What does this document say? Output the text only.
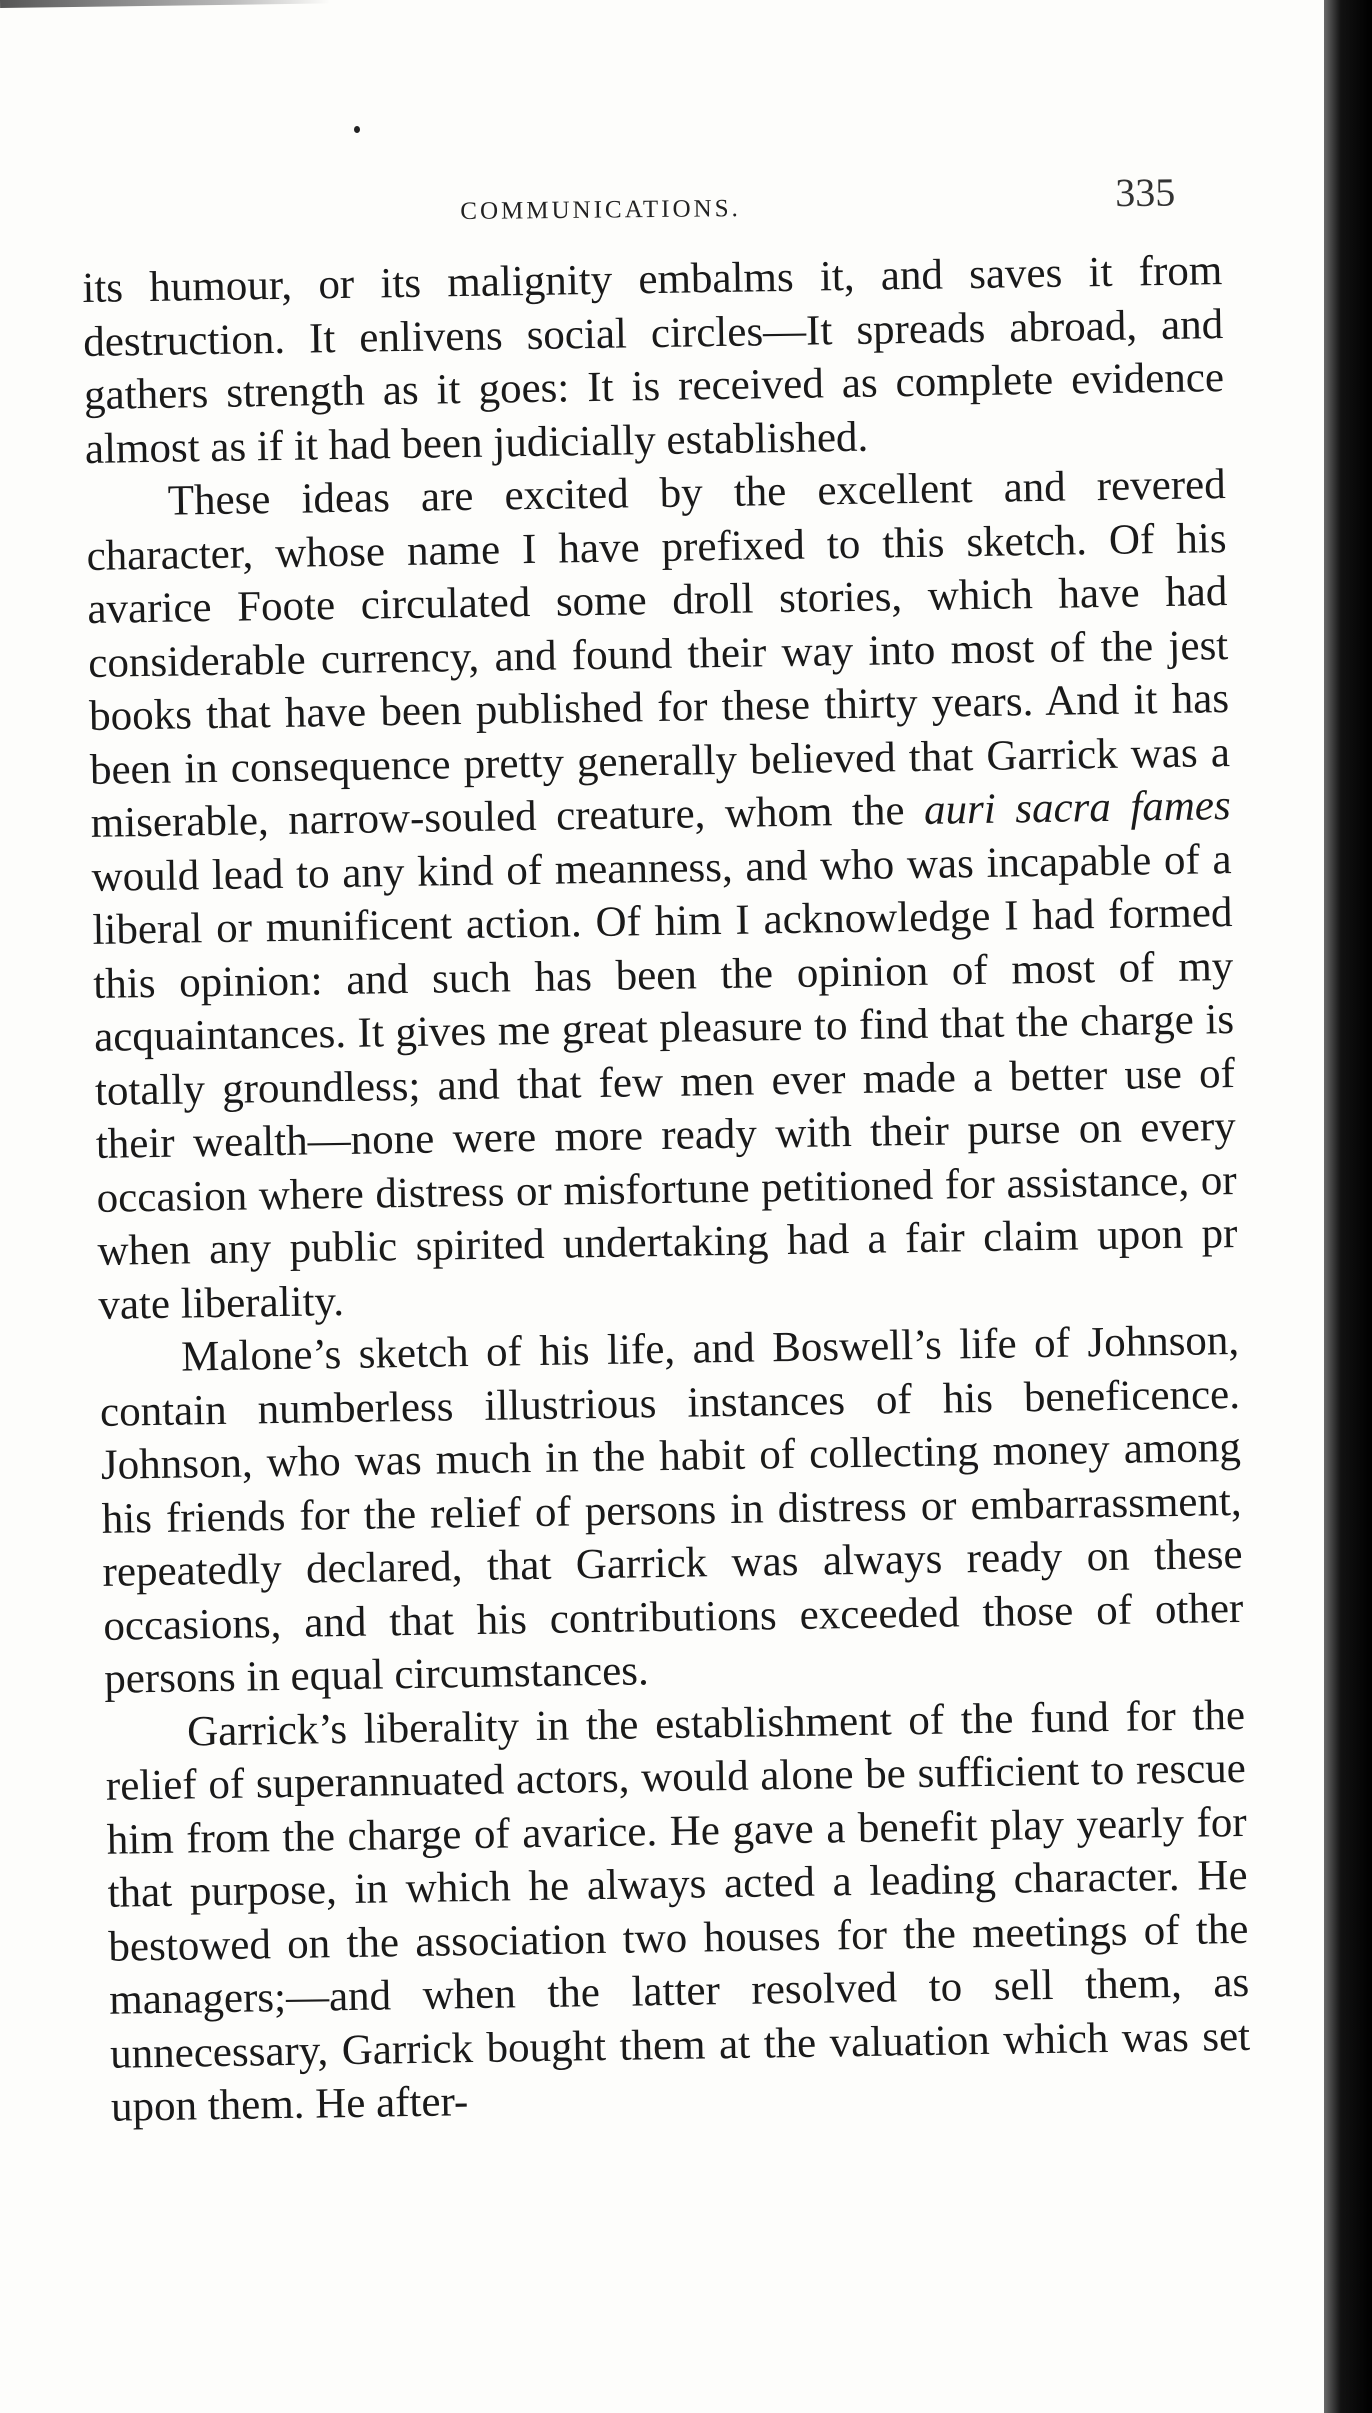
COMMUNICATIONS.	335

its humour, or its malignity embalms it, and saves it from destruction. It enlivens social circles—It spreads abroad, and gathers strength as it goes: It is received as complete evidence almost as if it had been judicially established.

These ideas are excited by the excellent and revered character, whose name I have prefixed to this sketch. Of his avarice Foote circulated some droll stories, which have had considerable currency, and found their way into most of the jest books that have been published for these thirty years. And it has been in consequence pretty generally believed that Garrick was a miserable, narrow-souled creature, whom the auri sacra fames would lead to any kind of meanness, and who was incapable of a liberal or munificent action. Of him I acknowledge I had formed this opinion: and such has been the opinion of most of my acquaintances. It gives me great pleasure to find that the charge is totally groundless; and that few men ever made a better use of their wealth—none were more ready with their purse on every occasion where distress or misfortune petitioned for assistance, or when any public spirited undertaking had a fair claim upon pr vate liberality.

Malone’s sketch of his life, and Boswell’s life of Johnson, contain numberless illustrious instances of his beneficence. Johnson, who was much in the habit of collecting money among his friends for the relief of persons in distress or embarrassment, repeatedly declared, that Garrick was always ready on these occasions, and that his contributions exceeded those of other persons in equal circumstances.

Garrick’s liberality in the establishment of the fund for the relief of superannuated actors, would alone be sufficient to rescue him from the charge of avarice. He gave a benefit play yearly for that purpose, in which he always acted a leading character. He bestowed on the association two houses for the meetings of the managers;—and when the latter resolved to sell them, as unnecessary, Garrick bought them at the valuation which was set upon them. He after-
